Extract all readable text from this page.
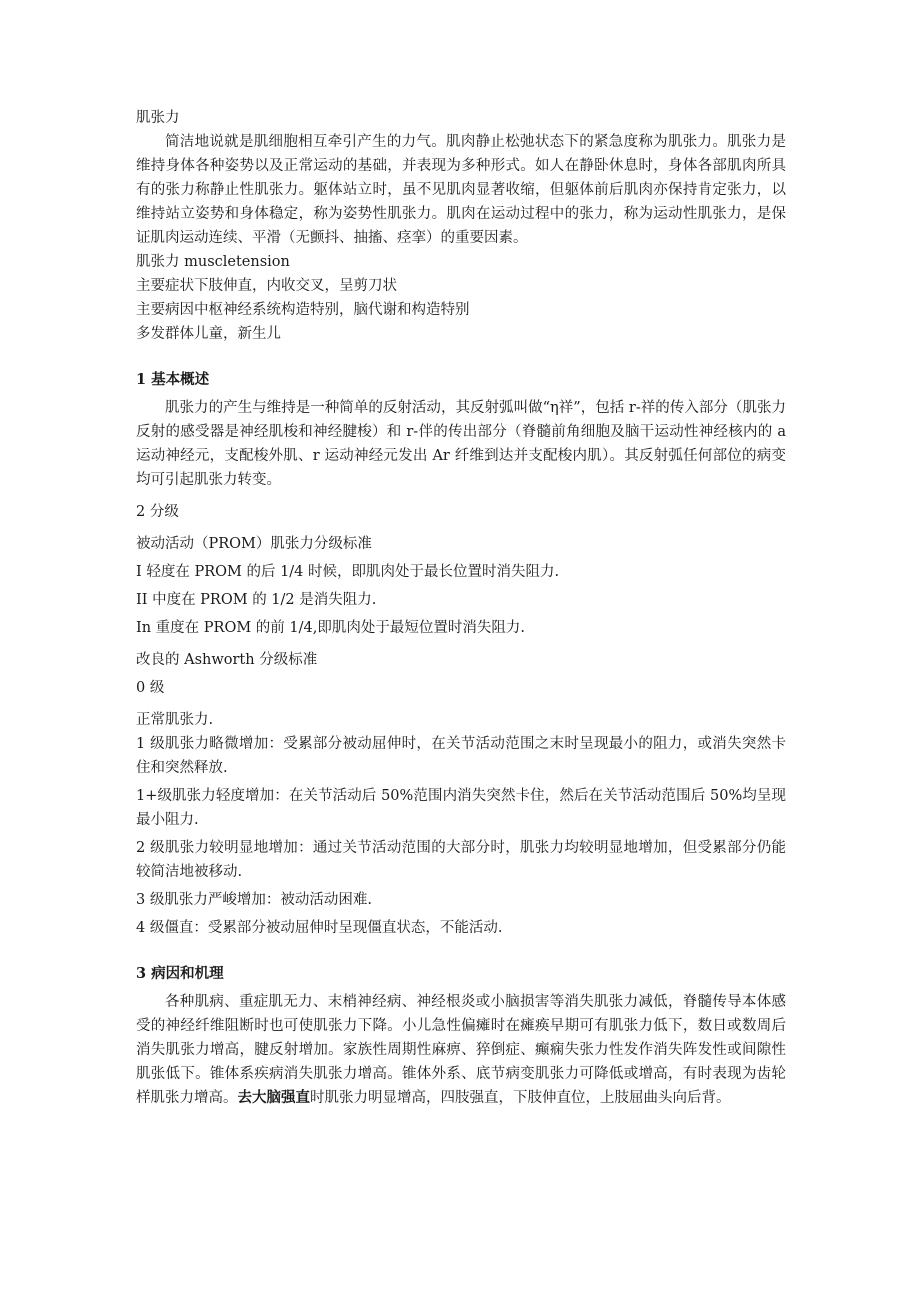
肌张力

简洁地说就是肌细胞相互牵引产生的力气。肌肉静止松弛状态下的紧急度称为肌张力。肌张力是维持身体各种姿势以及正常运动的基础，并表现为多种形式。如人在静卧休息时，身体各部肌肉所具有的张力称静止性肌张力。躯体站立时，虽不见肌肉显著收缩，但躯体前后肌肉亦保持肯定张力，以维持站立姿势和身体稳定，称为姿势性肌张力。肌肉在运动过程中的张力，称为运动性肌张力，是保证肌肉运动连续、平滑（无颤抖、抽搐、痉挛）的重要因素。

肌张力 muscletension

主要症状下肢伸直，内收交叉，呈剪刀状

主要病因中枢神经系统构造特别，脑代谢和构造特别

多发群体儿童，新生儿

1 基本概述

肌张力的产生与维持是一种简单的反射活动，其反射弧叫做“η祥”，包括 r-祥的传入部分（肌张力反射的感受器是神经肌梭和神经腱梭）和 r-伴的传出部分（脊髓前角细胞及脑干运动性神经核内的 a 运动神经元，支配梭外肌、r 运动神经元发出 Ar 纤维到达并支配梭内肌）。其反射弧任何部位的病变均可引起肌张力转变。

2 分级

被动活动（PROM）肌张力分级标准

I 轻度在 PROM 的后 1/4 时候，即肌肉处于最长位置时消失阻力.

II 中度在 PROM 的 1/2 是消失阻力.

In 重度在 PROM 的前 1/4,即肌肉处于最短位置时消失阻力.

改良的 Ashworth 分级标准

0 级

正常肌张力.

1 级肌张力略微增加：受累部分被动屈伸时，在关节活动范围之末时呈现最小的阻力，或消失突然卡住和突然释放.

1+级肌张力轻度增加：在关节活动后 50%范围内消失突然卡住，然后在关节活动范围后 50%均呈现最小阻力.

2 级肌张力较明显地增加：通过关节活动范围的大部分时，肌张力均较明显地增加，但受累部分仍能较简洁地被移动.

3 级肌张力严峻增加：被动活动困难.

4 级僵直：受累部分被动屈伸时呈现僵直状态，不能活动.

3 病因和机理

各种肌病、重症肌无力、末梢神经病、神经根炎或小脑损害等消失肌张力减低，脊髓传导本体感受的神经纤维阻断时也可使肌张力下降。小儿急性偏瘫时在瘫痪早期可有肌张力低下，数日或数周后消失肌张力增高，腱反射增加。家族性周期性麻痹、猝倒症、癫痫失张力性发作消失阵发性或间隙性肌张低下。锥体系疾病消失肌张力增高。锥体外系、底节病变肌张力可降低或增高，有时表现为齿轮样肌张力增高。去大脑强直时肌张力明显增高，四肢强直，下肢伸直位，上肢屈曲头向后背。
